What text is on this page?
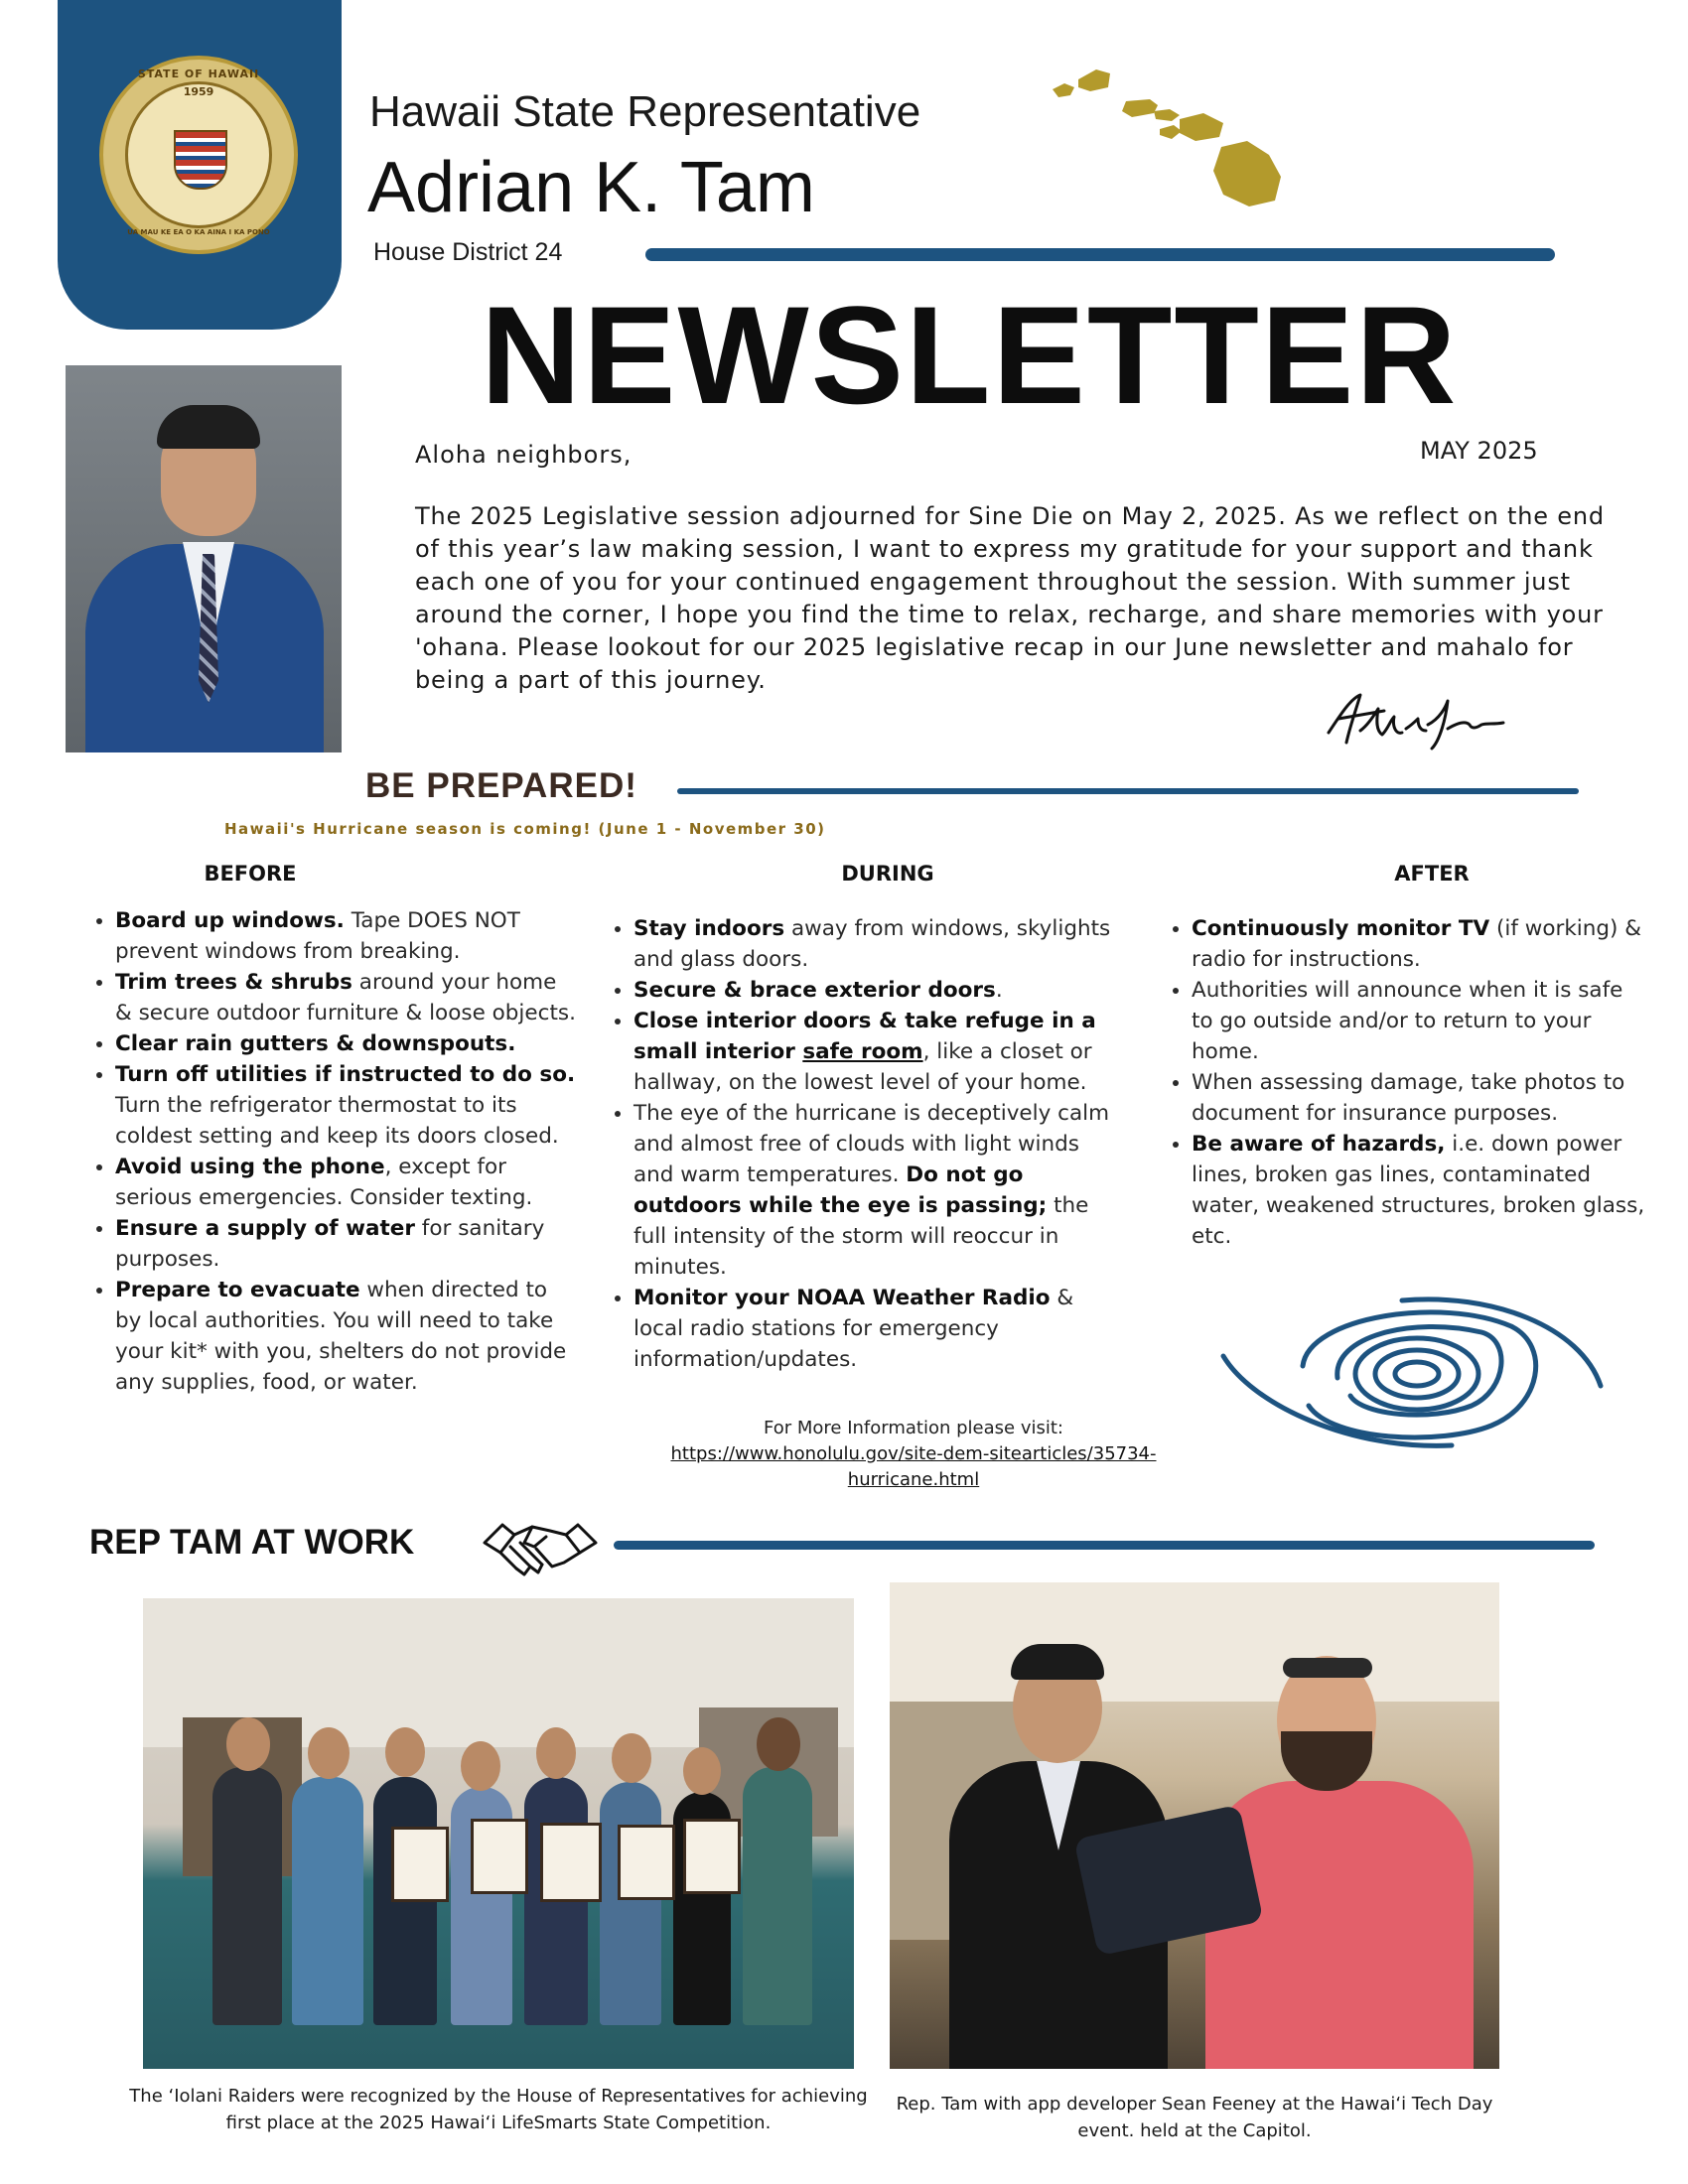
STATE OF HAWAII
1959
UA MAU KE EA O KA AINA I KA PONO
Hawaii State Representative
Adrian K. Tam
House District 24
NEWSLETTER
MAY 2025
Aloha neighbors,
The 2025 Legislative session adjourned for Sine Die on May 2, 2025. As we reflect on the end of this year’s law making session, I want to express my gratitude for your support and thank each one of you for your continued engagement throughout the session. With summer just around the corner, I hope you find the time to relax, recharge, and share memories with your 'ohana. Please lookout for our 2025 legislative recap in our June newsletter and mahalo for being a part of this journey.
BE PREPARED!
Hawaii's Hurricane season is coming! (June 1 - November 30)
BEFORE
• Board up windows. Tape DOES NOT prevent windows from breaking.
• Trim trees & shrubs around your home & secure outdoor furniture & loose objects.
• Clear rain gutters & downspouts.
• Turn off utilities if instructed to do so. Turn the refrigerator thermostat to its coldest setting and keep its doors closed.
• Avoid using the phone, except for serious emergencies. Consider texting.
• Ensure a supply of water for sanitary purposes.
• Prepare to evacuate when directed to by local authorities. You will need to take your kit* with you, shelters do not provide any supplies, food, or water.
DURING
• Stay indoors away from windows, skylights and glass doors.
• Secure & brace exterior doors.
• Close interior doors & take refuge in a small interior safe room, like a closet or hallway, on the lowest level of your home.
• The eye of the hurricane is deceptively calm and almost free of clouds with light winds and warm temperatures. Do not go outdoors while the eye is passing; the full intensity of the storm will reoccur in minutes.
• Monitor your NOAA Weather Radio & local radio stations for emergency information/updates.
AFTER
• Continuously monitor TV (if working) & radio for instructions.
• Authorities will announce when it is safe to go outside and/or to return to your home.
• When assessing damage, take photos to document for insurance purposes.
• Be aware of hazards, i.e. down power lines, broken gas lines, contaminated water, weakened structures, broken glass, etc.
For More Information please visit:
https://www.honolulu.gov/site-dem-sitearticles/35734-hurricane.html
REP TAM AT WORK
The ‘Iolani Raiders were recognized by the House of Representatives for achieving first place at the 2025 Hawai‘i LifeSmarts State Competition.
Rep. Tam with app developer Sean Feeney at the Hawai‘i Tech Day event. held at the Capitol.
